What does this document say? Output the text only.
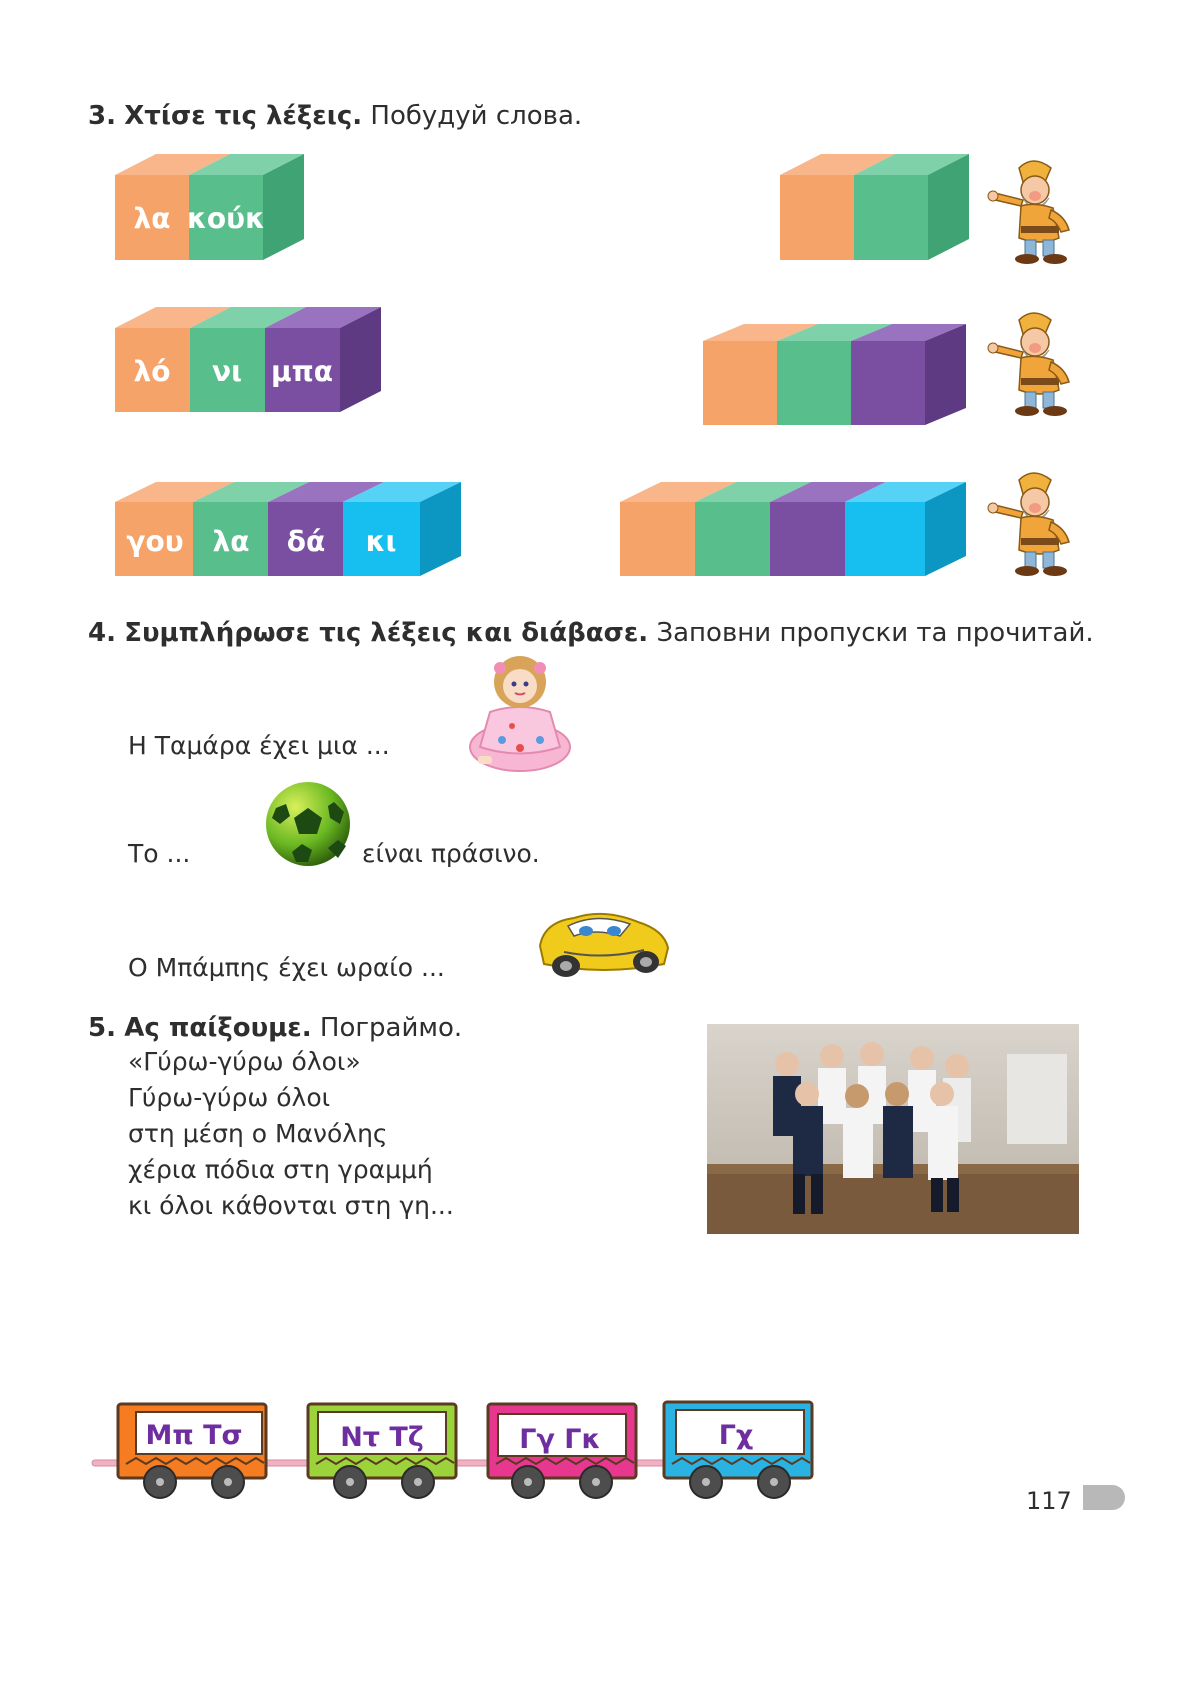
3. Χτίσε τις λέξεις. Побудуй слова.
λα κούκ
λό νι μπα
γου λα δά κι
4. Συμπλήρωσε τις λέξεις και διάβασε. Заповни пропуски та прочитай.
Η Ταμάρα έχει μια ...
Το ...	είναι πράσινο.
Ο Μπάμπης έχει ωραίο ...
5. Ας παίξουμε. Пограймо.
«Γύρω-γύρω όλοι»
Γύρω-γύρω όλοι
στη μέση ο Μανόλης
χέρια πόδια στη γραμμή
κι όλοι κάθονται στη γη...
Μπ Τσ	Ντ Τζ	Γγ Γκ	Γχ
117
